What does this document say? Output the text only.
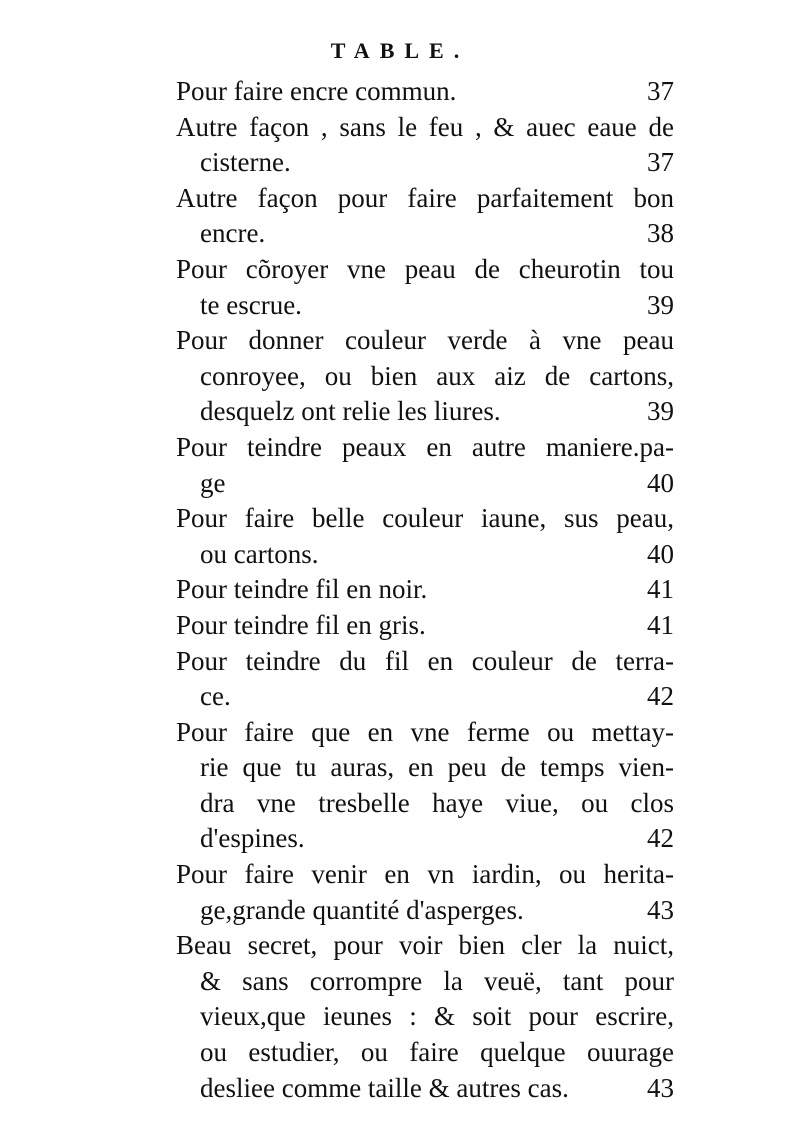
TABLE.
Pour faire encre commun.	37
Autre façon , sans le feu , & auec eaue de
cisterne.	37
Autre façon pour faire parfaitement bon
encre.	38
Pour cõroyer vne peau de cheurotin tou
te escrue.	39
Pour donner couleur verde à vne peau
conroyee, ou bien aux aiz de cartons,
desquelz ont relie les liures.	39
Pour teindre peaux en autre maniere.pa-
ge	40
Pour faire belle couleur iaune, sus peau,
ou cartons.	40
Pour teindre fil en noir.	41
Pour teindre fil en gris.	41
Pour teindre du fil en couleur de terra-
ce.	42
Pour faire que en vne ferme ou mettay-
rie que tu auras, en peu de temps vien-
dra vne tresbelle haye viue, ou clos
d'espines.	42
Pour faire venir en vn iardin, ou herita-
ge,grande quantité d'asperges.	43
Beau secret, pour voir bien cler la nuict,
& sans corrompre la veuë, tant pour
vieux,que ieunes : & soit pour escrire,
ou estudier, ou faire quelque ouurage
desliee comme taille & autres cas.	43
